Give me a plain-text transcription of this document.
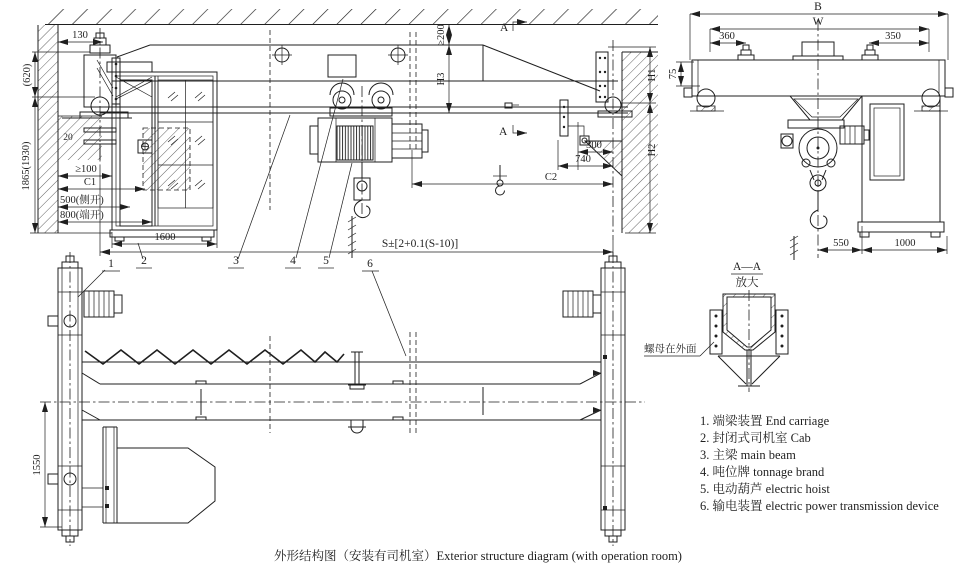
130
(620)
1865(1930)
20
≥100
C1
500(侧开)
800(端开)
1600
≥200
H3
A
A
H1
H2
300
740
C2
S±[2+0.1(S-10)]
B
W
360	350
75
550	1000
A—A
放大
螺母在外面
1550
1 2	3	4 5	6
1. 端梁装置 End carriage
2. 封闭式司机室 Cab
3. 主梁 main beam
4. 吨位牌 tonnage brand
5. 电动葫芦 electric hoist
6. 输电装置 electric power transmission device
外形结构图（安装有司机室）Exterior structure diagram (with operation room)
